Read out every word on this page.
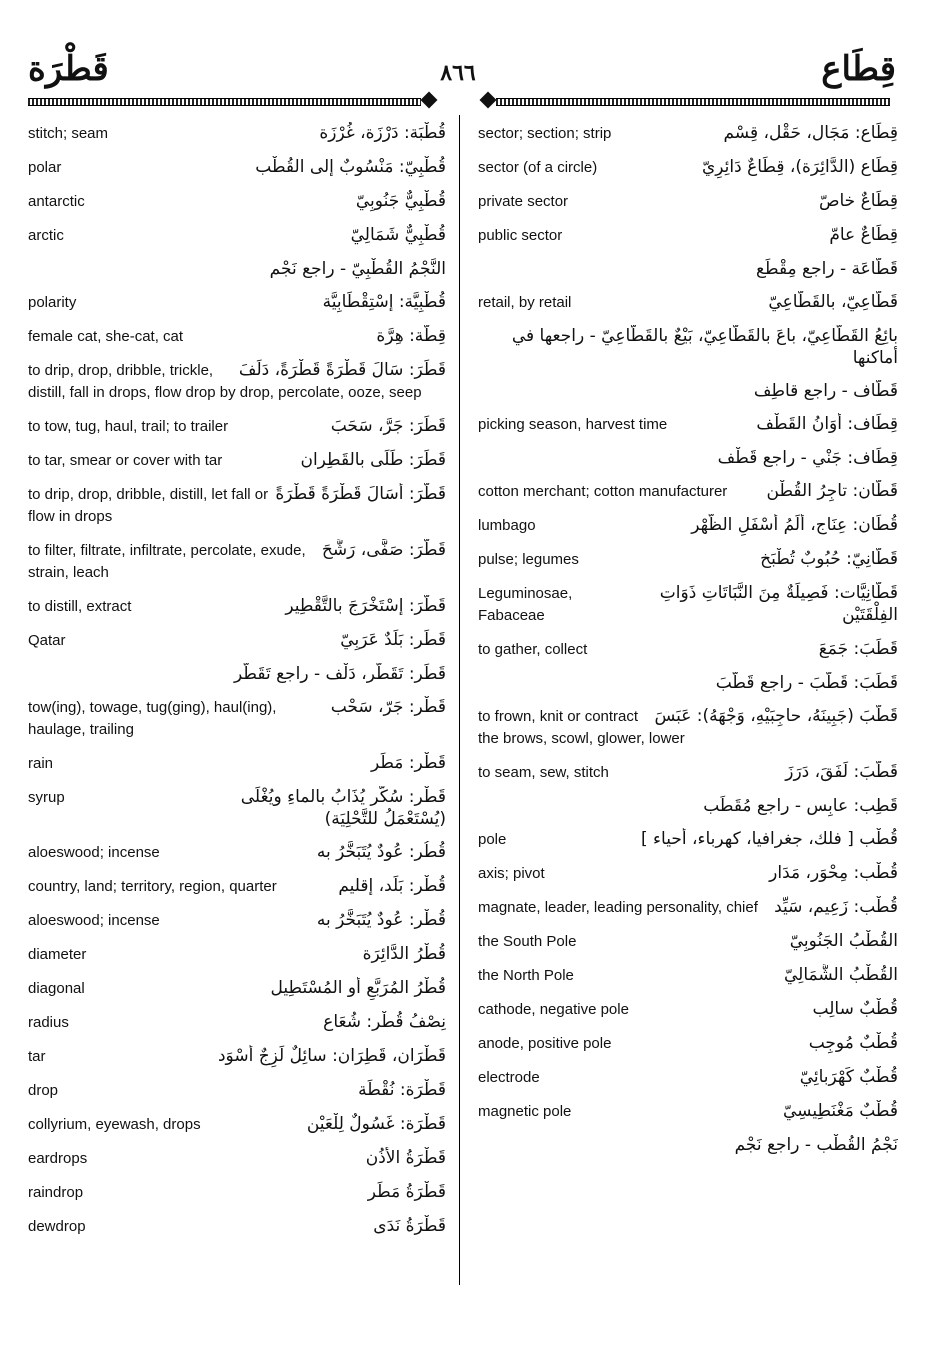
قَطْرَة	٨٦٦	قِطَاع
قُطْبَة: دَرْزَة، غُرْزَة
stitch; seam
قُطْبِيّ: مَنْسُوبٌ إلى القُطْب
polar
قُطْبِيٌّ جَنُوبِيّ
antarctic
قُطْبِيٌّ شَمَالِيّ
arctic
النَّجْمُ القُطْبِيّ - راجع نَجْم
قُطْبِيَّة: إسْتِقْطَابِيَّة
polarity
قِطَّة: هِرَّة
female cat, she-cat, cat
قَطَرَ: سَالَ قَطْرَةً قَطْرَةً، دَلَفَ
to drip, drop, dribble, trickle, distill, fall in drops, flow drop by drop, percolate, ooze, seep
قَطَرَ: جَرَّ، سَحَبَ
to tow, tug, haul, trail; to trailer
قَطَرَ: طَلَى بالقَطِران
to tar, smear or cover with tar
قَطَّرَ: أَسَالَ قَطْرَةً قَطْرَةً
to drip, drop, dribble, distill, let fall or flow in drops
قَطَّرَ: صَفَّى، رَشَّحَ
to filter, filtrate, infiltrate, percolate, exude, strain, leach
قَطَّرَ: إسْتَخْرَجَ بالتَّقْطِير
to distill, extract
قَطَر: بَلَدٌ عَرَبِيّ
Qatar
قَطَر: تَقَطُّر، دَلْف - راجع تَقَطُّر
قَطْر: جَرّ، سَحْب
tow(ing), towage, tug(ging), haul(ing), haulage, trailing
قَطْر: مَطَر
rain
قَطْر: سُكَّر يُذَابُ بالماءِ ويُغْلَى (يُسْتَعْمَلُ للتَّحْلِيَة)
syrup
قُطُر: عُودٌ يُتَبَخَّرُ به
aloeswood; incense
قُطْر: بَلَد، إقليم
country, land; territory, region, quarter
قُطْر: عُودٌ يُتَبَخَّرُ به
aloeswood; incense
قُطْرُ الدَّائِرَة
diameter
قُطْرُ المُرَبَّعِ أو المُسْتَطِيل
diagonal
نِصْفُ قُطْر: شُعَاع
radius
قَطْرَان، قَطِرَان: سائِلٌ لَزِجٌ أَسْوَد
tar
قَطْرَة: نُقْطَة
drop
قَطْرَة: غَسُولٌ لِلْعَيْن
collyrium, eyewash, drops
قَطْرَةُ الأُذُن
eardrops
قَطْرَةُ مَطَر
raindrop
قَطْرَةُ نَدَى
dewdrop
قِطَاع: مَجَال، حَقْل، قِسْم
sector; section; strip
قِطَاع (الدَّائِرَة)، قِطَاعٌ دَائِرِيّ
sector (of a circle)
قِطَاعٌ خاصّ
private sector
قِطَاعٌ عامّ
public sector
قَطَّاعَة - راجع مِقْطَع
قَطَّاعِيّ، بالقَطَّاعِيّ
retail, by retail
بائِعُ القَطَّاعِيّ، باعَ بالقَطَّاعِيّ، بَيْعٌ بالقَطَّاعِيّ - راجعها في أماكنها
قَطَّاف - راجع قاطِف
قِطَاف: أَوَانُ القَطْف
picking season, harvest time
قِطَاف: جَنْي - راجع قَطْف
قَطَّان: تاجِرُ القُطْن
cotton merchant; cotton manufacturer
قُطَان: عِنَاج، أَلَمُ أَسْفَلِ الظَّهْر
lumbago
قَطَّانِيّ: حُبُوبٌ تُطْبَخ
pulse; legumes
قَطَّانِيَّات: فَصِيلَةٌ مِنَ النَّبَاتَاتِ ذَوَاتِ الفِلْقَتَيْن
Leguminosae, Fabaceae
قَطَبَ: جَمَعَ
to gather, collect
قَطَبَ: قَطَّبَ - راجع قَطَّبَ
قَطَّبَ (جَبِينَهُ، حاجِبَيْهِ، وَجْهَهُ): عَبَسَ
to frown, knit or contract the brows, scowl, glower, lower
قَطَّبَ: لَفَقَ، دَرَزَ
to seam, sew, stitch
قَطِب: عابِس - راجع مُقَطِّب
قُطْب [ فلك، جغرافيا، كهرباء، أحياء ]
pole
قُطْب: مِحْوَر، مَدَار
axis; pivot
قُطْب: زَعِيم، سَيِّد
magnate, leader, leading personality, chief
القُطْبُ الجَنُوبِيّ
the South Pole
القُطْبُ الشَّمَالِيّ
the North Pole
قُطْبٌ سالِب
cathode, negative pole
قُطْبٌ مُوجِب
anode, positive pole
قُطْبٌ كَهْرَبائِيّ
electrode
قُطْبٌ مَغْنَطِيسِيّ
magnetic pole
نَجْمُ القُطْب - راجع نَجْم
